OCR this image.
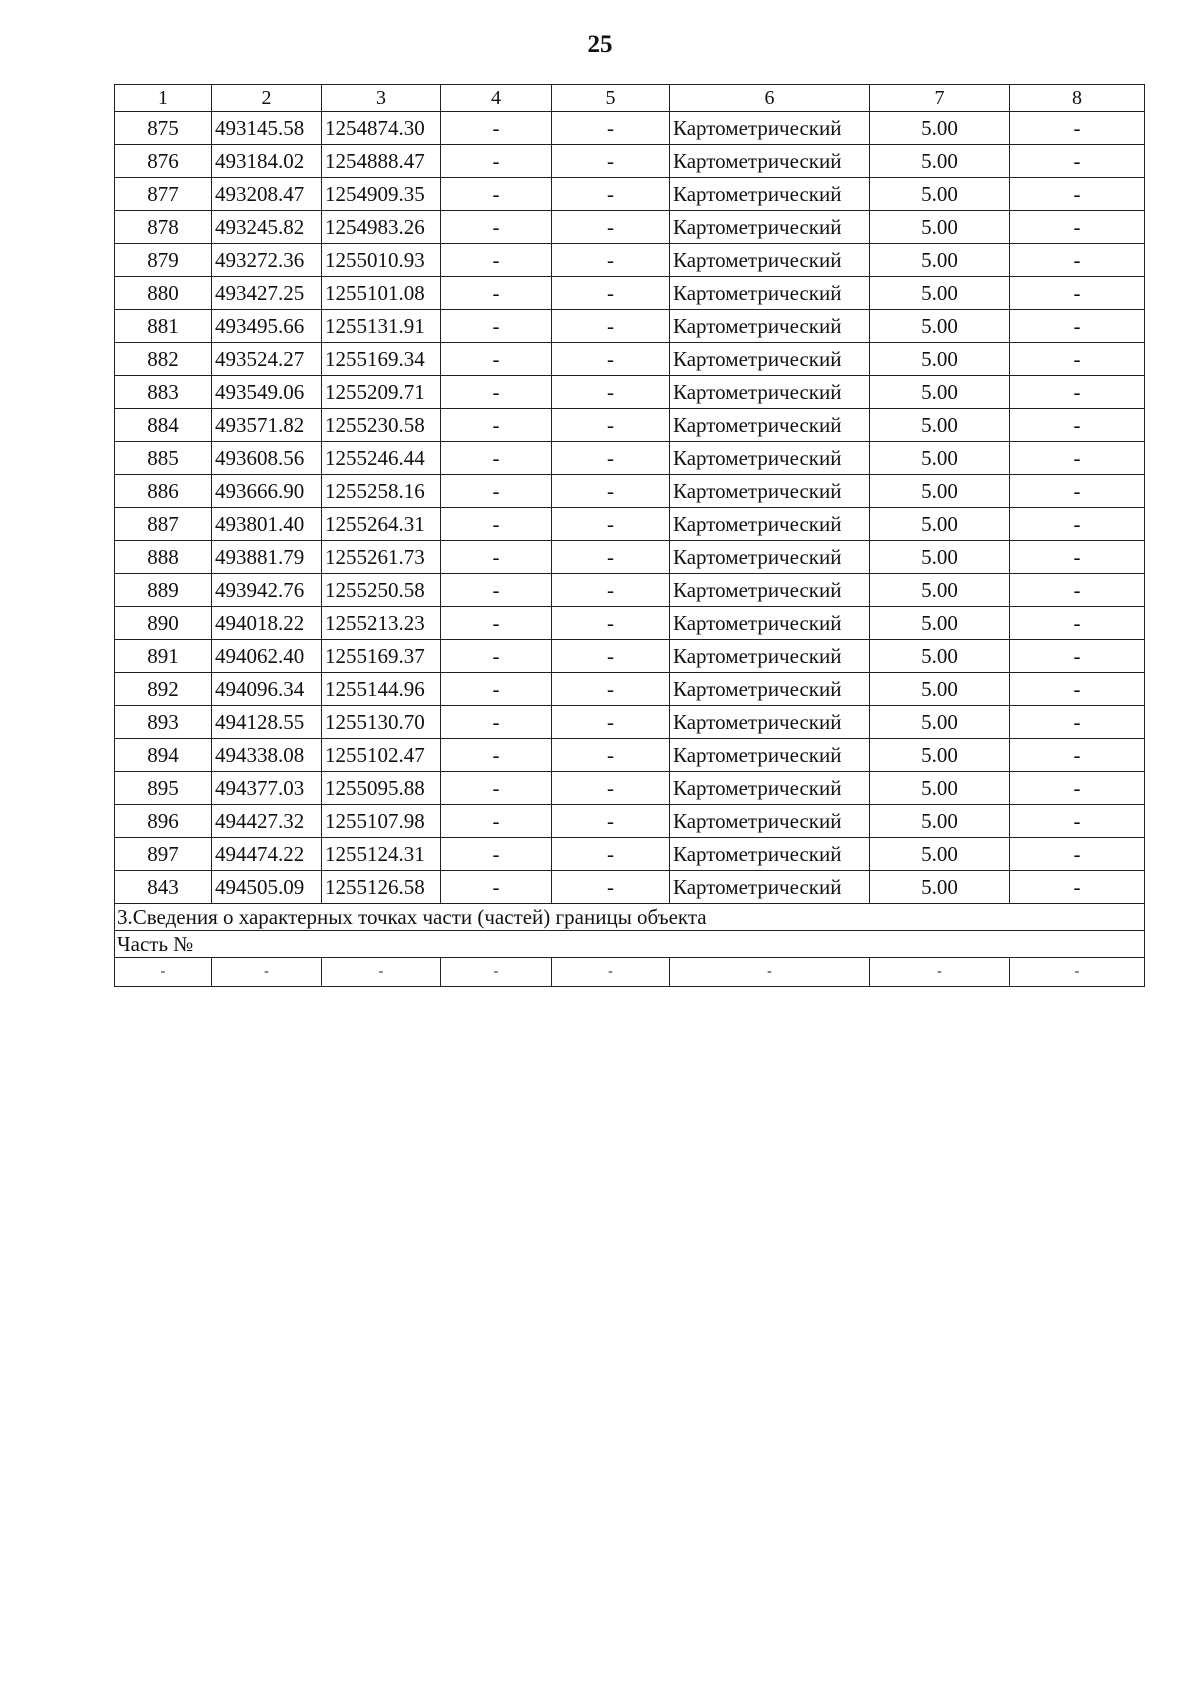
25
1	2	3	4	5	6	7	8
875	493145.58	1254874.30	-	-	Картометрический	5.00	-
876	493184.02	1254888.47	-	-	Картометрический	5.00	-
877	493208.47	1254909.35	-	-	Картометрический	5.00	-
878	493245.82	1254983.26	-	-	Картометрический	5.00	-
879	493272.36	1255010.93	-	-	Картометрический	5.00	-
880	493427.25	1255101.08	-	-	Картометрический	5.00	-
881	493495.66	1255131.91	-	-	Картометрический	5.00	-
882	493524.27	1255169.34	-	-	Картометрический	5.00	-
883	493549.06	1255209.71	-	-	Картометрический	5.00	-
884	493571.82	1255230.58	-	-	Картометрический	5.00	-
885	493608.56	1255246.44	-	-	Картометрический	5.00	-
886	493666.90	1255258.16	-	-	Картометрический	5.00	-
887	493801.40	1255264.31	-	-	Картометрический	5.00	-
888	493881.79	1255261.73	-	-	Картометрический	5.00	-
889	493942.76	1255250.58	-	-	Картометрический	5.00	-
890	494018.22	1255213.23	-	-	Картометрический	5.00	-
891	494062.40	1255169.37	-	-	Картометрический	5.00	-
892	494096.34	1255144.96	-	-	Картометрический	5.00	-
893	494128.55	1255130.70	-	-	Картометрический	5.00	-
894	494338.08	1255102.47	-	-	Картометрический	5.00	-
895	494377.03	1255095.88	-	-	Картометрический	5.00	-
896	494427.32	1255107.98	-	-	Картометрический	5.00	-
897	494474.22	1255124.31	-	-	Картометрический	5.00	-
843	494505.09	1255126.58	-	-	Картометрический	5.00	-
3.Сведения о характерных точках части (частей) границы объекта							
Часть №							
-	-	-	-	-	-	-	-
